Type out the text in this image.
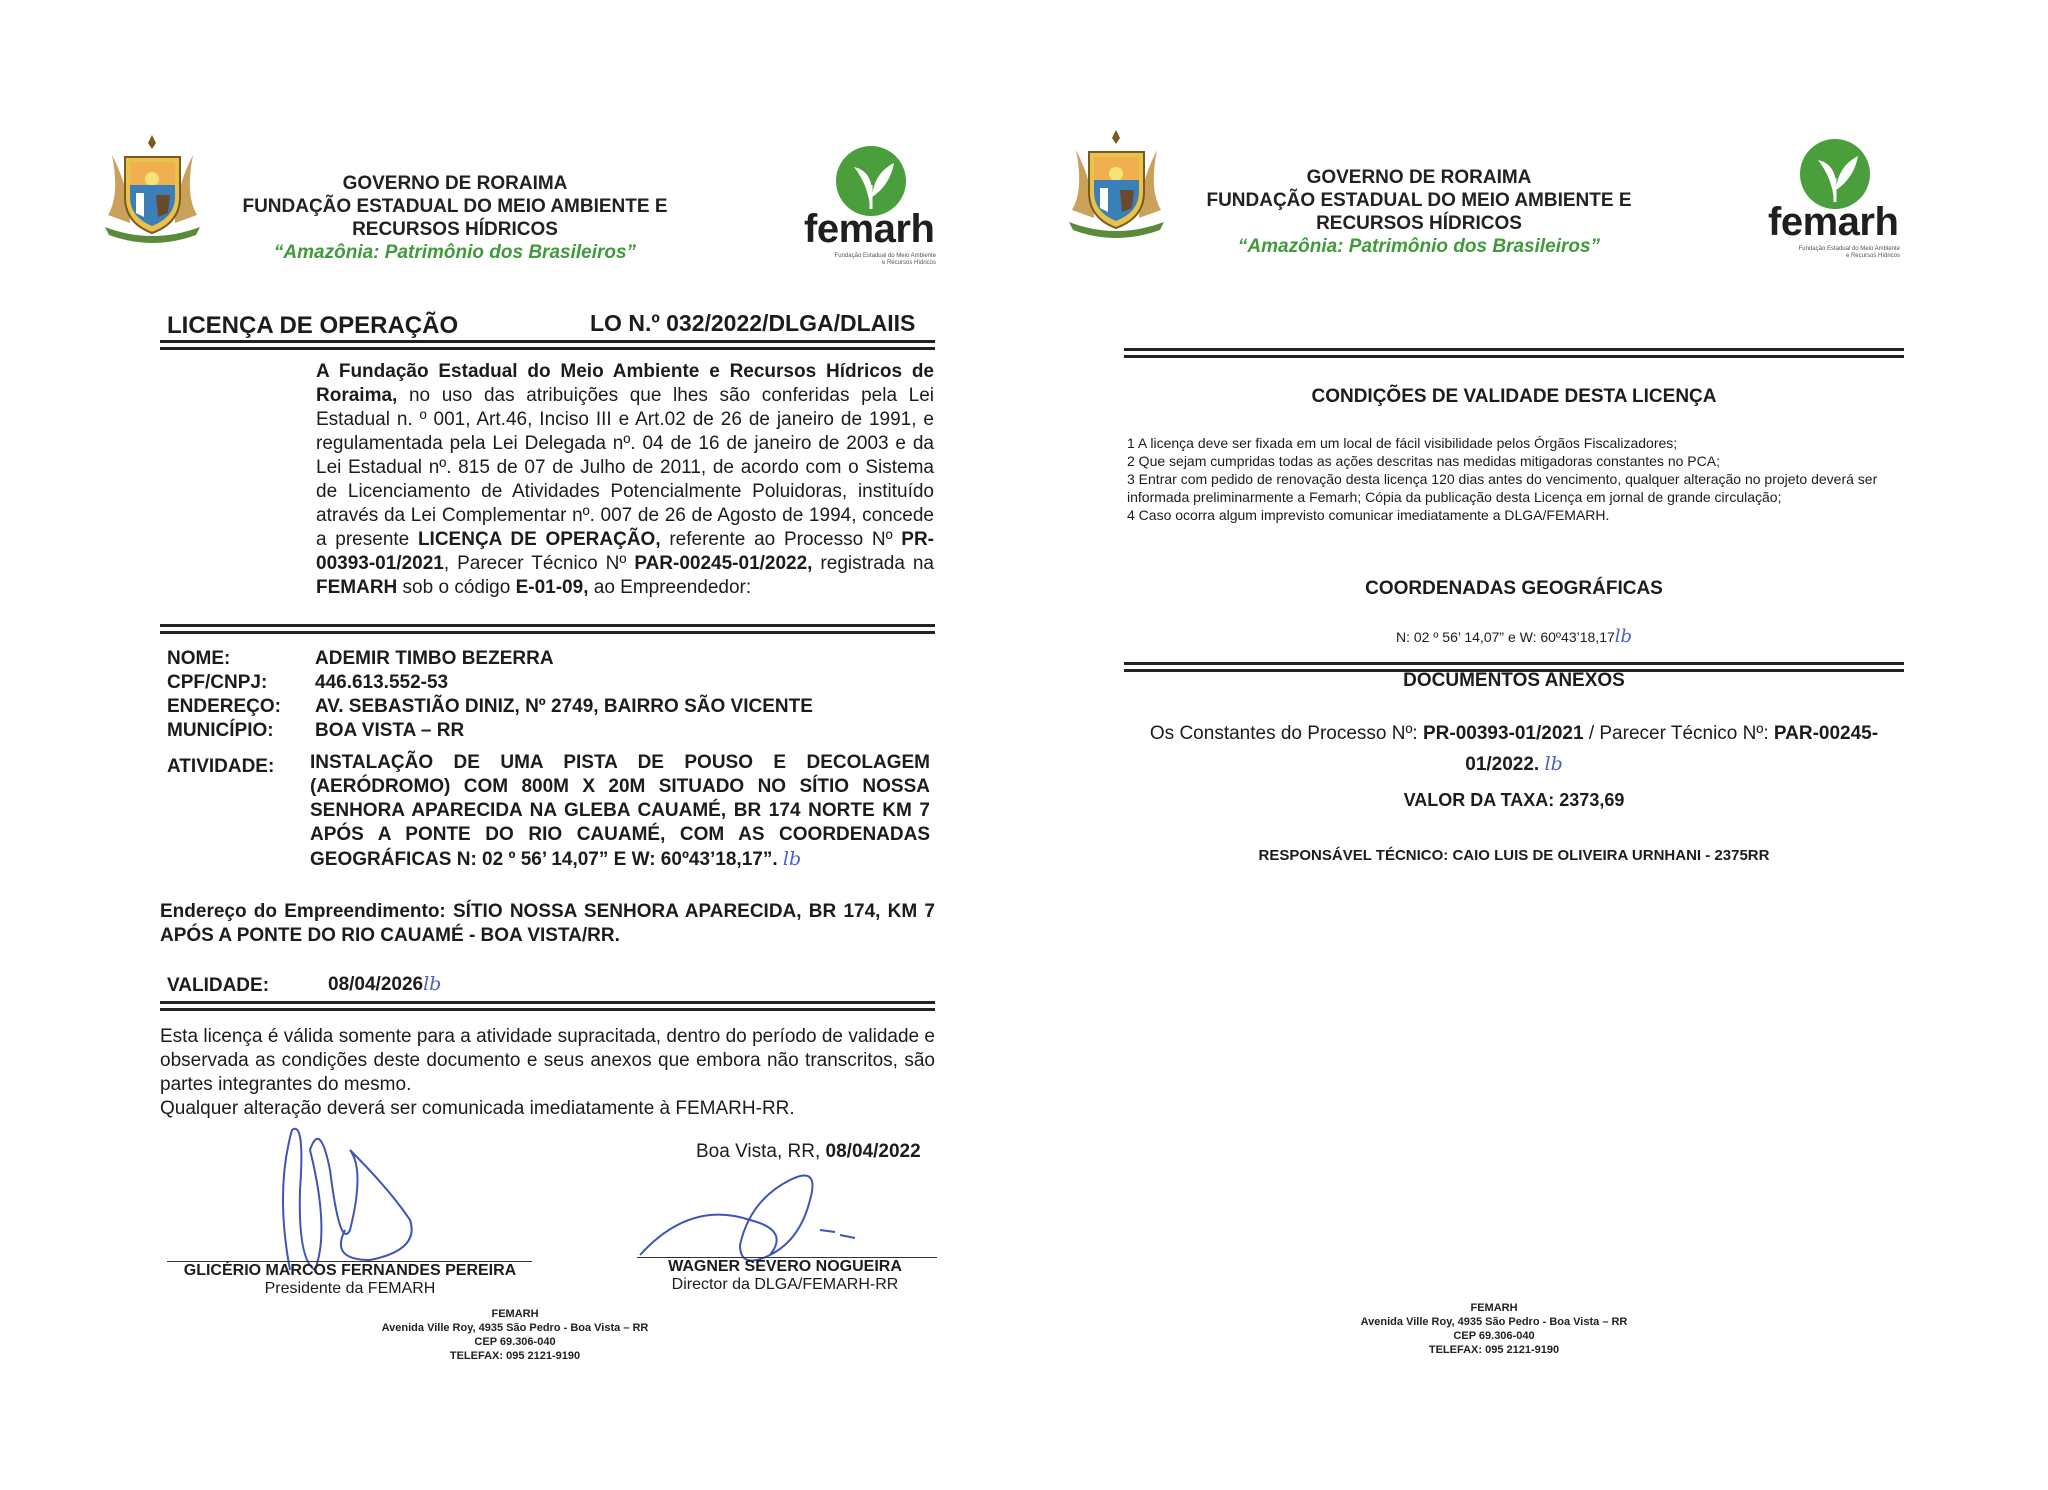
GOVERNO DE RORAIMA
FUNDAÇÃO ESTADUAL DO MEIO AMBIENTE E
RECURSOS HÍDRICOS
“Amazônia: Patrimônio dos Brasileiros”
femarh
Fundação Estadual do Meio Ambiente
e Recursos Hídricos
LICENÇA DE OPERAÇÃO	LO N.º 032/2022/DLGA/DLAIIS
A Fundação Estadual do Meio Ambiente e Recursos Hídricos de Roraima, no uso das atribuições que lhes são conferidas pela Lei Estadual n. º 001, Art.46, Inciso III e Art.02 de 26 de janeiro de 1991, e regulamentada pela Lei Delegada nº. 04 de 16 de janeiro de 2003 e da Lei Estadual nº. 815 de 07 de Julho de 2011, de acordo com o Sistema de Licenciamento de Atividades Potencialmente Poluidoras, instituído através da Lei Complementar nº. 007 de 26 de Agosto de 1994, concede a presente LICENÇA DE OPERAÇÃO, referente ao Processo Nº PR-00393-01/2021, Parecer Técnico Nº PAR-00245-01/2022, registrada na FEMARH sob o código E-01-09, ao Empreendedor:
NOME:	ADEMIR TIMBO BEZERRA
CPF/CNPJ:	446.613.552-53
ENDEREÇO:	AV. SEBASTIÃO DINIZ, Nº 2749, BAIRRO SÃO VICENTE
MUNICÍPIO:	BOA VISTA – RR
ATIVIDADE: INSTALAÇÃO DE UMA PISTA DE POUSO E DECOLAGEM (AERÓDROMO) COM 800M X 20M SITUADO NO SÍTIO NOSSA SENHORA APARECIDA NA GLEBA CAUAMÉ, BR 174 NORTE KM 7 APÓS A PONTE DO RIO CAUAMÉ, COM AS COORDENADAS GEOGRÁFICAS N: 02 º 56’ 14,07” E W: 60º43’18,17”. lb
Endereço do Empreendimento: SÍTIO NOSSA SENHORA APARECIDA, BR 174, KM 7 APÓS A PONTE DO RIO CAUAMÉ - BOA VISTA/RR.
VALIDADE:	08/04/2026lb
Esta licença é válida somente para a atividade supracitada, dentro do período de validade e observada as condições deste documento e seus anexos que embora não transcritos, são partes integrantes do mesmo.
Qualquer alteração deverá ser comunicada imediatamente à FEMARH-RR.
Boa Vista, RR, 08/04/2022
GLICÉRIO MARCOS FERNANDES PEREIRA
Presidente da FEMARH
WAGNER SEVERO NOGUEIRA
Director da DLGA/FEMARH-RR
FEMARH
Avenida Ville Roy, 4935 São Pedro - Boa Vista – RR
CEP 69.306-040
TELEFAX: 095 2121-9190
GOVERNO DE RORAIMA
FUNDAÇÃO ESTADUAL DO MEIO AMBIENTE E
RECURSOS HÍDRICOS
“Amazônia: Patrimônio dos Brasileiros”
femarh
Fundação Estadual do Meio Ambiente
e Recursos Hídricos
CONDIÇÕES DE VALIDADE DESTA LICENÇA
1 A licença deve ser fixada em um local de fácil visibilidade pelos Órgãos Fiscalizadores;
2 Que sejam cumpridas todas as ações descritas nas medidas mitigadoras constantes no PCA;
3 Entrar com pedido de renovação desta licença 120 dias antes do vencimento, qualquer alteração no projeto deverá ser informada preliminarmente a Femarh; Cópia da publicação desta Licença em jornal de grande circulação;
4 Caso ocorra algum imprevisto comunicar imediatamente a DLGA/FEMARH.
COORDENADAS GEOGRÁFICAS
N: 02 º 56’ 14,07” e W: 60º43’18,17lb
DOCUMENTOS ANEXOS
Os Constantes do Processo Nº: PR-00393-01/2021 / Parecer Técnico Nº: PAR-00245-01/2022. lb
VALOR DA TAXA: 2373,69
RESPONSÁVEL TÉCNICO: CAIO LUIS DE OLIVEIRA URNHANI - 2375RR
FEMARH
Avenida Ville Roy, 4935 São Pedro - Boa Vista – RR
CEP 69.306-040
TELEFAX: 095 2121-9190
